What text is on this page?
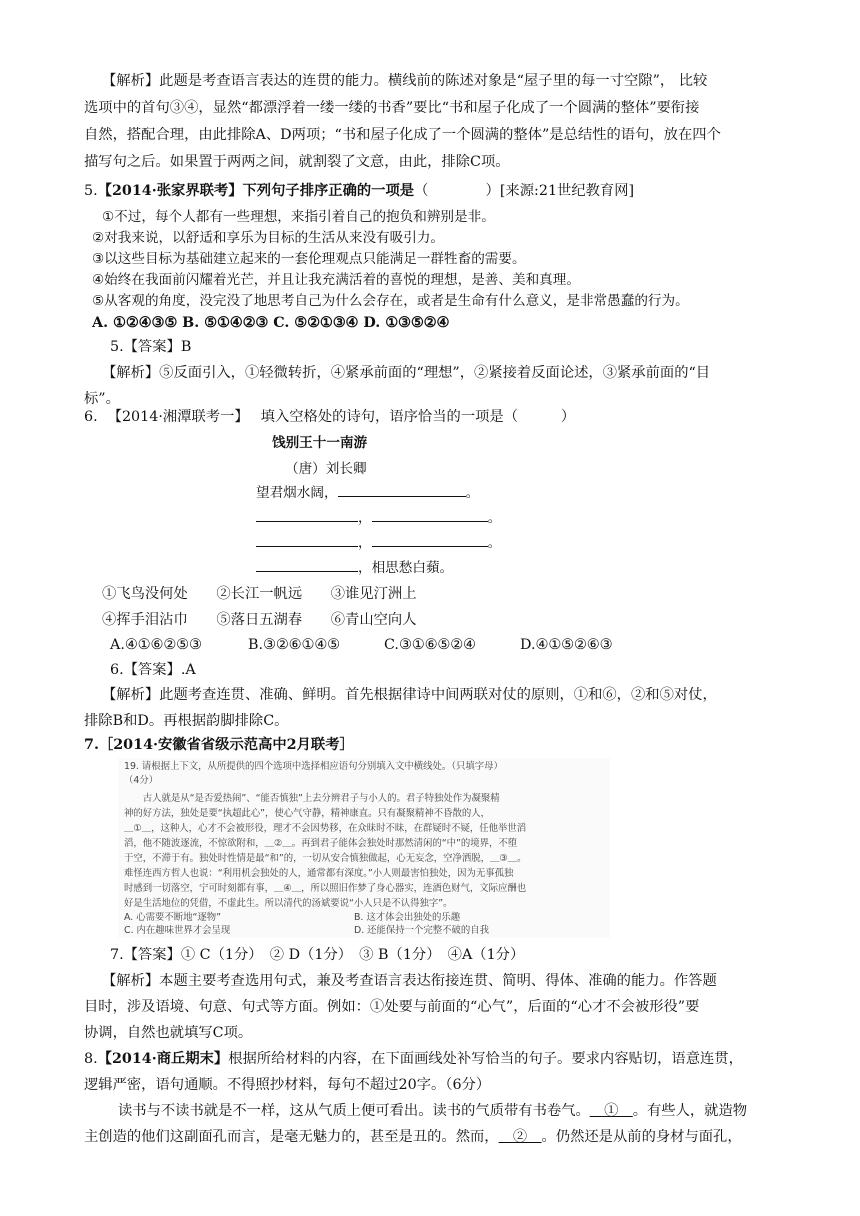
【解析】此题是考查语言表达的连贯的能力。横线前的陈述对象是“屋子里的每一寸空隙”， 比较
选项中的首句③④，显然“都漂浮着一缕一缕的书香”要比“书和屋子化成了一个圆满的整体”要衔接
自然，搭配合理，由此排除A、D两项；“书和屋子化成了一个圆满的整体”是总结性的语句，放在四个
描写句之后。如果置于两两之间，就割裂了文意，由此，排除C项。
5.【2014·张家界联考】下列句子排序正确的一项是（　　　　）[来源:21世纪教育网]
①不过，每个人都有一些理想，来指引着自己的抱负和辨别是非。
②对我来说，以舒适和享乐为目标的生活从来没有吸引力。
③以这些目标为基础建立起来的一套伦理观点只能满足一群牲畜的需要。
④始终在我面前闪耀着光芒，并且让我充满活着的喜悦的理想，是善、美和真理。
⑤从客观的角度，没完没了地思考自己为什么会存在，或者是生命有什么意义，是非常愚蠢的行为。
A. ①②④③⑤ B. ⑤①④②③ C. ⑤②①③④ D. ①③⑤②④
5.【答案】B
【解析】⑤反面引入，①轻微转折，④紧承前面的“理想”，②紧接着反面论述，③紧承前面的“目
标”。
6. 【2014·湘潭联考一】 填入空格处的诗句，语序恰当的一项是（　　　）
饯别王十一南游
（唐）刘长卿
望君烟水阔，	。
，	。
，	。
，相思愁白蘋。
①飞鸟没何处　　②长江一帆远　　③谁见汀洲上
④挥手泪沾巾　　⑤落日五湖春　　⑥青山空向人
A.④①⑥②⑤③	B.③②⑥①④⑤	C.③①⑥⑤②④	D.④①⑤②⑥③
6.【答案】.A
【解析】此题考查连贯、准确、鲜明。首先根据律诗中间两联对仗的原则，①和⑥，②和⑤对仗，
排除B和D。再根据韵脚排除C。
7.［2014·安徽省省级示范高中2月联考］
19. 请根据上下文，从所提供的四个选项中选择相应语句分别填入文中横线处。（只填字母）
（4分）
　　古人就是从“是否爱热闹”、“能否慎独”上去分辨君子与小人的。君子特独处作为凝聚精
神的好方法，独处是要“执超此心”，使心气守静，精神康直。只有凝聚精神不昏散的人，
＿①＿，这种人，心才不会被形役，理才不会因势移，在众昧时不昧，在群疑时不疑，任他举世滔
滔，他不随波逐流，不惊欲附和，＿②＿。再到君子能体会独处时那然清闲的“中”的境界，不堕
于空，不滞于有。独处时性情是最“和”的，一切从安合慎独做起，心无妄念，空净洒脱，＿③＿。
难怪连西方哲人也说：“利用机会独处的人，通常都有深度。”小人则最害怕独处，因为无事孤独
时感到一切落空，宁可时刻都有事，＿④＿，所以照旧作梦了身心器实，连酒色财气，文际应酬也
好是生活地位的凭借，不虚此生。所以清代的汤斌要说“小人只是不认得独字”。
A. 心需要不断地“逐物”	B. 这才体会出独处的乐趣
C. 内在趣味世界才会呈现	D. 还能保持一个完整不破的自我
7.【答案】① C（1分）　② D（1分）　③ B（1分）　④A（1分）
【解析】本题主要考查选用句式，兼及考查语言表达衔接连贯、简明、得体、准确的能力。作答题
目时，涉及语境、句意、句式等方面。例如：①处要与前面的“心气”，后面的“心才不会被形役”要
协调，自然也就填写C项。
8.【2014·商丘期末】根据所给材料的内容，在下面画线处补写恰当的句子。要求内容贴切，语意连贯，
逻辑严密，语句通顺。不得照抄材料，每句不超过20字。（6分）
读书与不读书就是不一样，这从气质上便可看出。读书的气质带有书卷气。＿①＿。有些人，就造物
主创造的他们这副面孔而言，是毫无魅力的，甚至是丑的。然而，＿②＿。仍然还是从前的身材与面孔，
